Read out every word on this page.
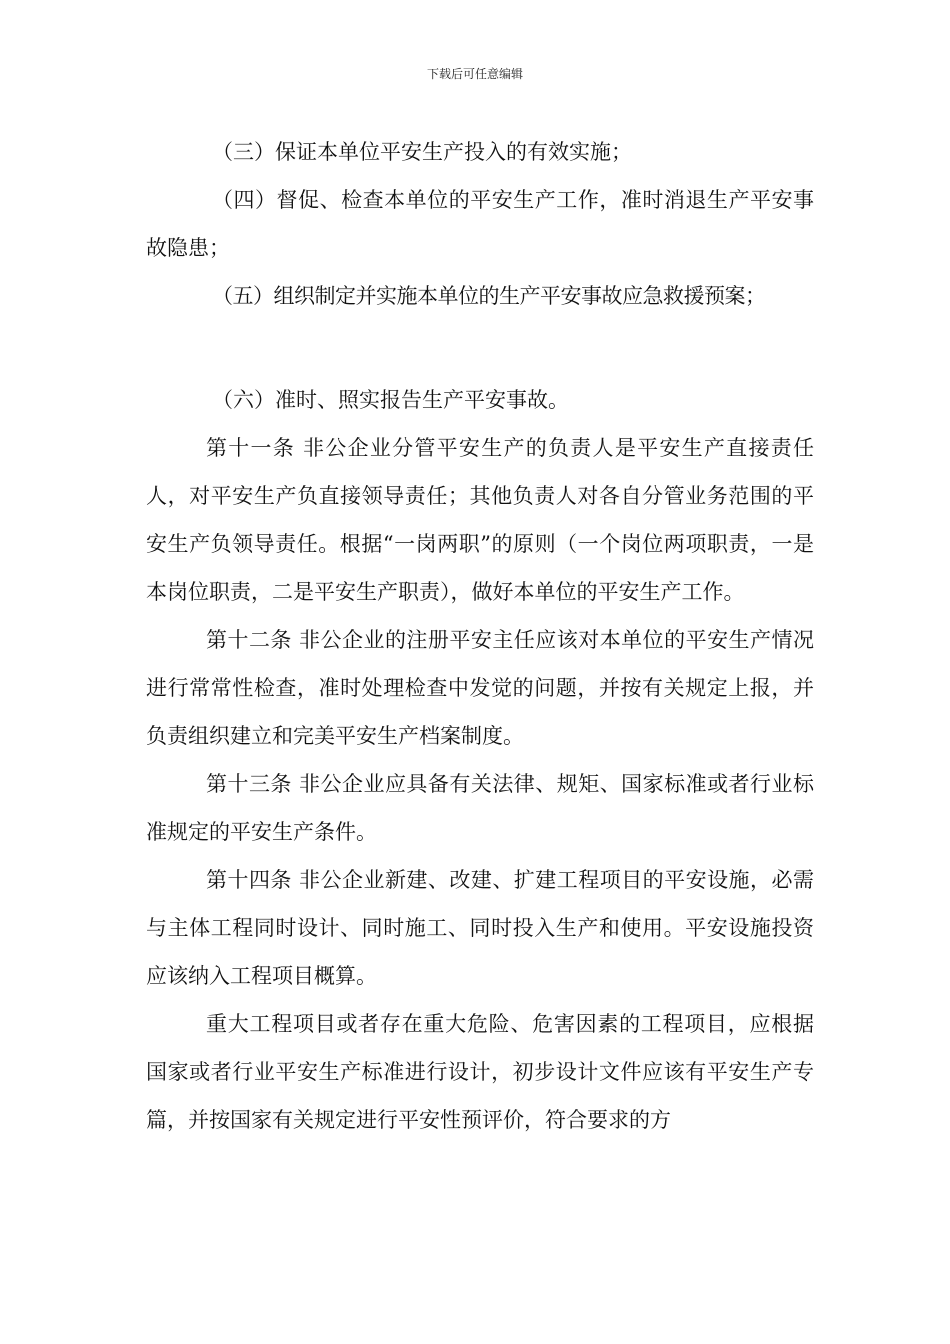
下载后可任意编辑

（三）保证本单位平安生产投入的有效实施；

（四）督促、检查本单位的平安生产工作，准时消退生产平安事故隐患；

（五）组织制定并实施本单位的生产平安事故应急救援预案；

（六）准时、照实报告生产平安事故。

第十一条 非公企业分管平安生产的负责人是平安生产直接责任人，对平安生产负直接领导责任；其他负责人对各自分管业务范围的平安生产负领导责任。根据“一岗两职”的原则（一个岗位两项职责，一是本岗位职责，二是平安生产职责），做好本单位的平安生产工作。

第十二条 非公企业的注册平安主任应该对本单位的平安生产情况进行常常性检查，准时处理检查中发觉的问题，并按有关规定上报，并负责组织建立和完美平安生产档案制度。

第十三条 非公企业应具备有关法律、规矩、国家标准或者行业标准规定的平安生产条件。

第十四条 非公企业新建、改建、扩建工程项目的平安设施，必需与主体工程同时设计、同时施工、同时投入生产和使用。平安设施投资应该纳入工程项目概算。

重大工程项目或者存在重大危险、危害因素的工程项目，应根据国家或者行业平安生产标准进行设计，初步设计文件应该有平安生产专篇，并按国家有关规定进行平安性预评价，符合要求的方
